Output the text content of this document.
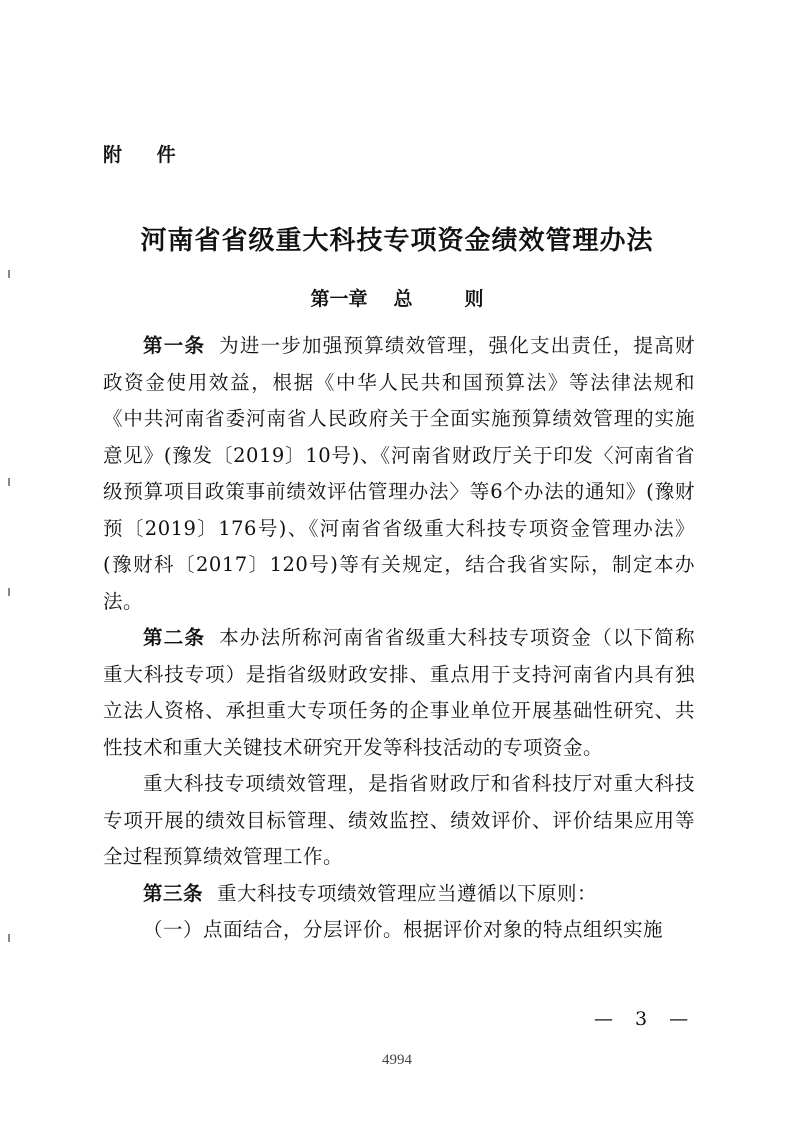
附 件
河南省省级重大科技专项资金绩效管理办法
第一章 总	则

第一条 为进一步加强预算绩效管理，强化支出责任，提高财政资金使用效益，根据《中华人民共和国预算法》等法律法规和《中共河南省委河南省人民政府关于全面实施预算绩效管理的实施意见》(豫发〔2019〕10号)、《河南省财政厅关于印发〈河南省省级预算项目政策事前绩效评估管理办法〉等6个办法的通知》(豫财预〔2019〕176号)、《河南省省级重大科技专项资金管理办法》(豫财科〔2017〕120号)等有关规定，结合我省实际，制定本办法。

第二条 本办法所称河南省省级重大科技专项资金（以下简称重大科技专项）是指省级财政安排、重点用于支持河南省内具有独立法人资格、承担重大专项任务的企事业单位开展基础性研究、共性技术和重大关键技术研究开发等科技活动的专项资金。

重大科技专项绩效管理，是指省财政厅和省科技厅对重大科技专项开展的绩效目标管理、绩效监控、绩效评价、评价结果应用等全过程预算绩效管理工作。

第三条 重大科技专项绩效管理应当遵循以下原则：

（一）点面结合，分层评价。根据评价对象的特点组织实施

— 3 —
4994
